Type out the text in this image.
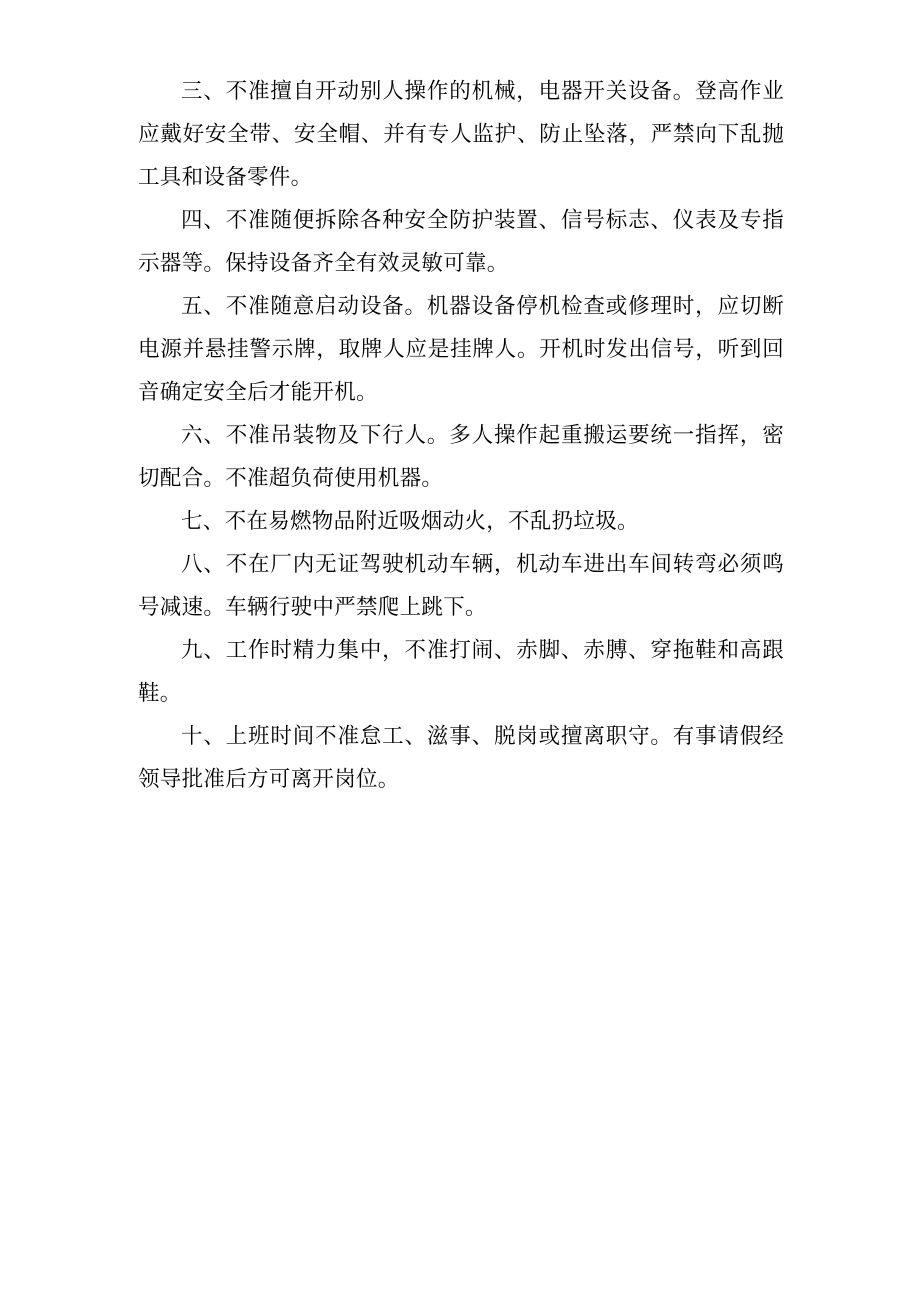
三、不准擅自开动别人操作的机械，电器开关设备。登高作业应戴好安全带、安全帽、并有专人监护、防止坠落，严禁向下乱抛工具和设备零件。

四、不准随便拆除各种安全防护装置、信号标志、仪表及专指示器等。保持设备齐全有效灵敏可靠。

五、不准随意启动设备。机器设备停机检查或修理时，应切断电源并悬挂警示牌，取牌人应是挂牌人。开机时发出信号，听到回音确定安全后才能开机。

六、不准吊装物及下行人。多人操作起重搬运要统一指挥，密切配合。不准超负荷使用机器。

七、不在易燃物品附近吸烟动火，不乱扔垃圾。

八、不在厂内无证驾驶机动车辆，机动车进出车间转弯必须鸣号减速。车辆行驶中严禁爬上跳下。

九、工作时精力集中，不准打闹、赤脚、赤膊、穿拖鞋和高跟鞋。

十、上班时间不准怠工、滋事、脱岗或擅离职守。有事请假经领导批准后方可离开岗位。
